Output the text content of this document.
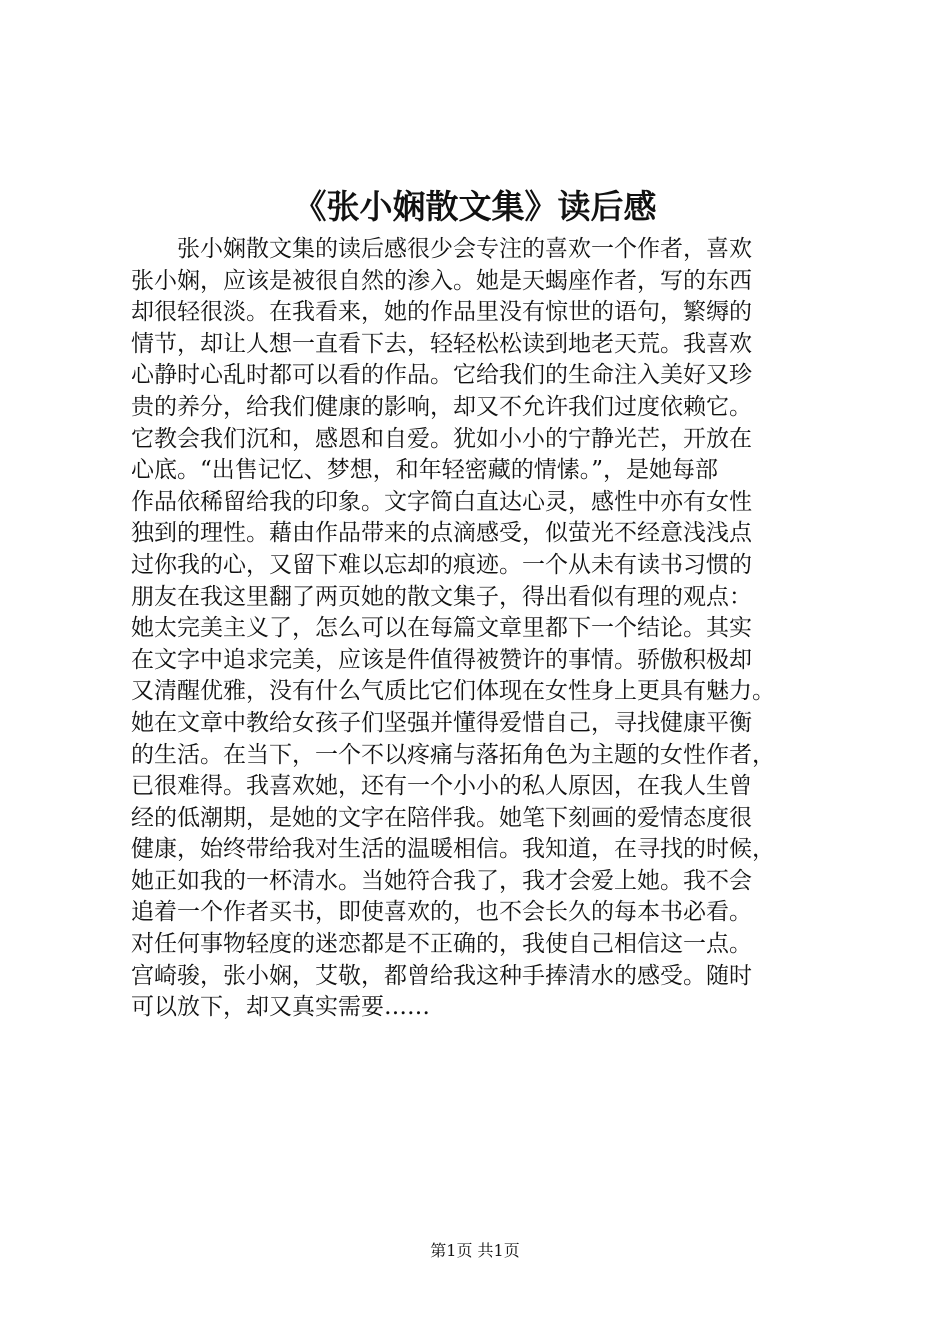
《张小娴散文集》读后感
张小娴散文集的读后感很少会专注的喜欢一个作者，喜欢
张小娴，应该是被很自然的渗入。她是天蝎座作者，写的东西
却很轻很淡。在我看来，她的作品里没有惊世的语句，繁缛的
情节，却让人想一直看下去，轻轻松松读到地老天荒。我喜欢
心静时心乱时都可以看的作品。它给我们的生命注入美好又珍
贵的养分，给我们健康的影响，却又不允许我们过度依赖它。
它教会我们沉和，感恩和自爱。犹如小小的宁静光芒，开放在
心底。“出售记忆、梦想，和年轻密藏的情愫。”，是她每部
作品依稀留给我的印象。文字简白直达心灵，感性中亦有女性
独到的理性。藉由作品带来的点滴感受，似萤光不经意浅浅点
过你我的心，又留下难以忘却的痕迹。一个从未有读书习惯的
朋友在我这里翻了两页她的散文集子，得出看似有理的观点：
她太完美主义了，怎么可以在每篇文章里都下一个结论。其实
在文字中追求完美，应该是件值得被赞许的事情。骄傲积极却
又清醒优雅，没有什么气质比它们体现在女性身上更具有魅力。
她在文章中教给女孩子们坚强并懂得爱惜自己，寻找健康平衡
的生活。在当下，一个不以疼痛与落拓角色为主题的女性作者，
已很难得。我喜欢她，还有一个小小的私人原因，在我人生曾
经的低潮期，是她的文字在陪伴我。她笔下刻画的爱情态度很
健康，始终带给我对生活的温暖相信。我知道，在寻找的时候，
她正如我的一杯清水。当她符合我了，我才会爱上她。我不会
追着一个作者买书，即使喜欢的，也不会长久的每本书必看。
对任何事物轻度的迷恋都是不正确的，我使自己相信这一点。
宫崎骏，张小娴，艾敬，都曾给我这种手捧清水的感受。随时
可以放下，却又真实需要……
第1页 共1页
